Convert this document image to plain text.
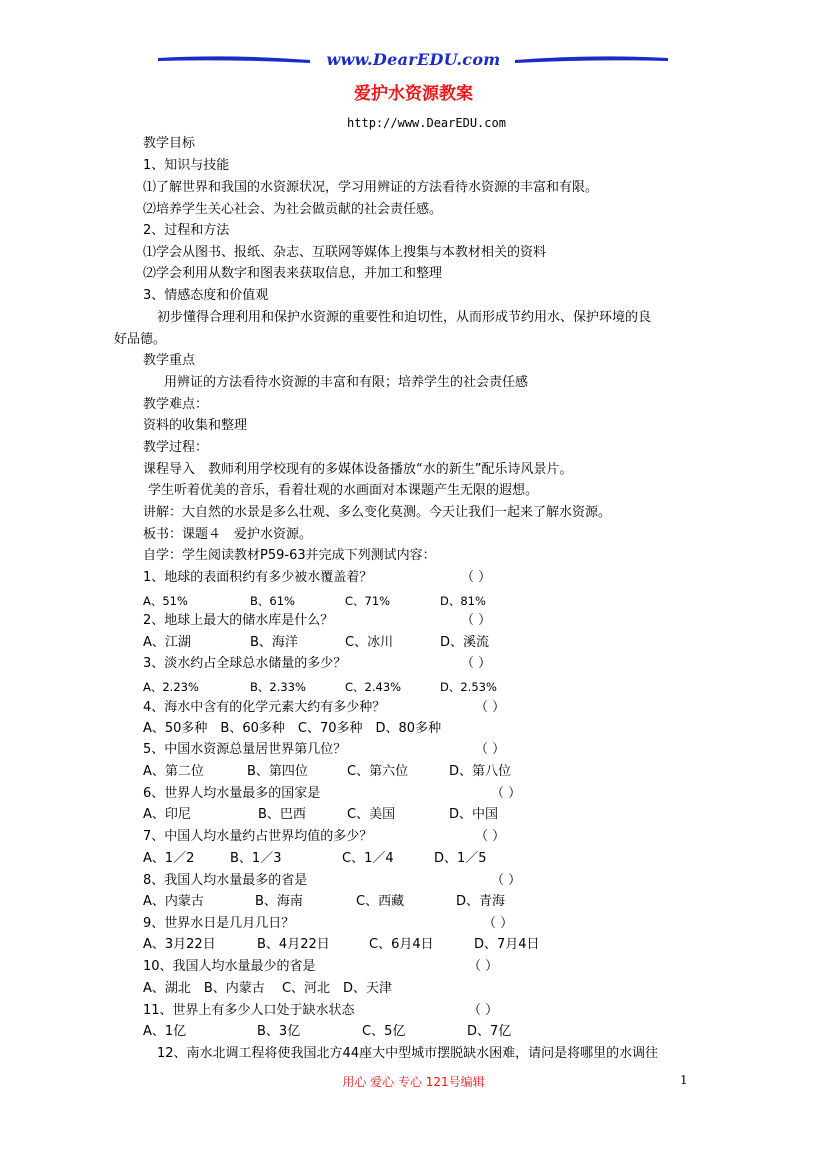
www.DearEDU.com
爱护水资源教案
http://www.DearEDU.com
教学目标
1、知识与技能
⑴了解世界和我国的水资源状况，学习用辨证的方法看待水资源的丰富和有限。
⑵培养学生关心社会、为社会做贡献的社会责任感。
2、过程和方法
⑴学会从图书、报纸、杂志、互联网等媒体上搜集与本教材相关的资料
⑵学会利用从数字和图表来获取信息，并加工和整理
3、情感态度和价值观
初步懂得合理利用和保护水资源的重要性和迫切性，从而形成节约用水、保护环境的良
好品德。
教学重点
用辨证的方法看待水资源的丰富和有限；培养学生的社会责任感
教学难点：
资料的收集和整理
教学过程：
课程导入　教师利用学校现有的多媒体设备播放“水的新生”配乐诗风景片。
学生听着优美的音乐，看着壮观的水画面对本课题产生无限的遐想。
讲解：大自然的水景是多么壮观、多么变化莫测。今天让我们一起来了解水资源。
板书：课题４　爱护水资源。
自学：学生阅读教材P59-63并完成下列测试内容：
1、地球的表面积约有多少被水覆盖着？	（ ）
A、51%	B、61%	C、71%	D、81%
2、地球上最大的储水库是什么？	（ ）
A、江湖	B、海洋	C、冰川	D、溪流
3、淡水约占全球总水储量的多少？	（ ）
A、2.23%	B、2.33%	C、2.43%	D、2.53%
4、海水中含有的化学元素大约有多少种？	（ ）
A、50多种　B、60多种　C、70多种　D、80多种
5、中国水资源总量居世界第几位？	（ ）
A、第二位	B、第四位	C、第六位	D、第八位
6、世界人均水量最多的国家是	（ ）
A、印尼	B、巴西	C、美国	D、中国
7、中国人均水量约占世界均值的多少？	（ ）
A、1／2	B、1／3	C、1／4	D、1／5
8、我国人均水量最多的省是	（ ）
A、内蒙古	B、海南	C、西藏	D、青海
9、世界水日是几月几日？	（ ）
A、3月22日	B、4月22日	C、6月4日	D、7月4日
10、我国人均水量最少的省是	（ ）
A、湖北　B、内蒙古　 C、河北　D、天津
11、世界上有多少人口处于缺水状态	（ ）
A、1亿	B、3亿	C、5亿	D、7亿
12、南水北调工程将使我国北方44座大中型城市摆脱缺水困难，请问是将哪里的水调往
用心 爱心 专心 121号编辑	1
